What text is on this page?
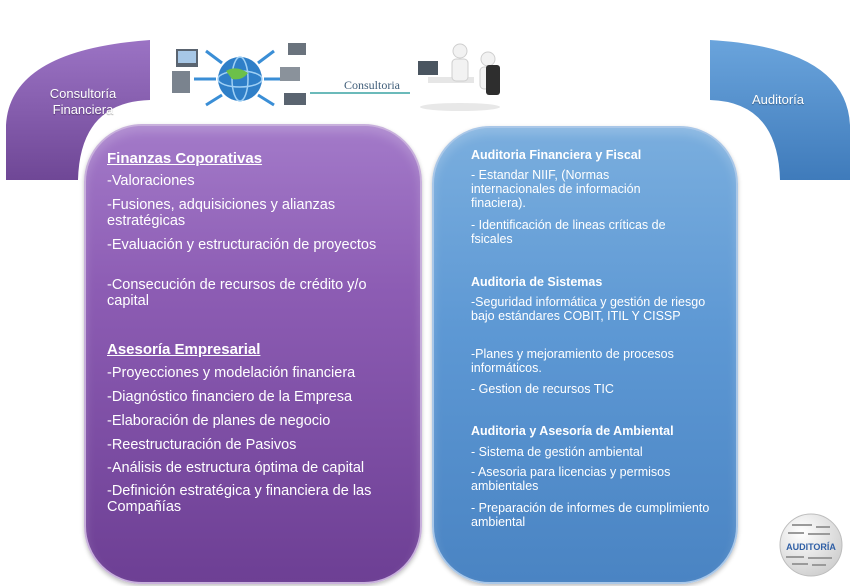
Consultoría Financiera
Auditoría
Consultoria
Finanzas Coporativas
-Valoraciones
-Fusiones, adquisiciones y alianzas estratégicas
-Evaluación y estructuración de proyectos
-Consecución de recursos de crédito y/o capital
Asesoría Empresarial
-Proyecciones y modelación financiera
-Diagnóstico financiero de la Empresa
-Elaboración de planes de negocio
-Reestructuración de Pasivos
-Análisis de estructura óptima de capital
-Definición estratégica y financiera de las Compañías
Auditoria Financiera y Fiscal
- Estandar NIIF, (Normas internacionales de información finaciera).
- Identificación de lineas críticas de fsicales
Auditoria de Sistemas
-Seguridad informática y gestión de riesgo bajo estándares COBIT, ITIL Y CISSP
-Planes y mejoramiento de procesos informáticos.
- Gestion de recursos TIC
Auditoria y Asesoría de Ambiental
- Sistema de gestión ambiental
- Asesoria para licencias y permisos ambientales
- Preparación de informes de cumplimiento ambiental
AUDITORÍA
